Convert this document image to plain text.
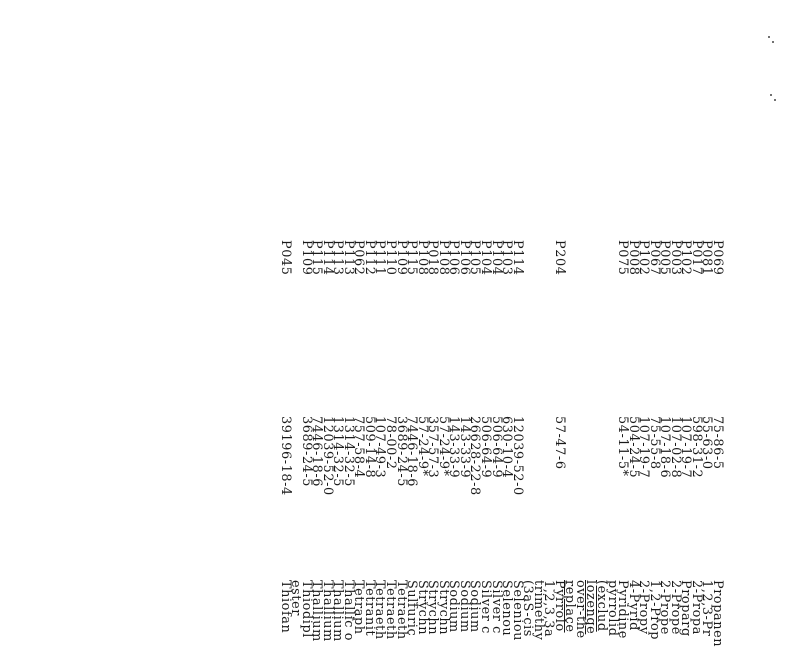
P069
P081
P017
P102
P003
P005
P067
P102
P008
P075
P204
P114
P103
P104
P104
P105
P106
P106
P108
P018
P108
P115
P109
P110
P111
P112
P062
P113
P113
P114
P115
P109
P045
75-86-5
55-63-0
598-31-2
107-19-7
107-02-8
107-18-6
75-55-8
107-19-7
504-24-5
54-11-5*
57-47-6
12039-52-0
630-10-4
506-64-9
506-64-9
26628-22-8
143-33-9
143-33-9
57-24-9*
357-57-3
57-24-9*
7446-18-6
3689-24-5
78-00-2
107-49-3
509-14-8
757-58-4
1314-32-5
1314-32-5
12039-52-0
7446-18-6
3689-24-5
39196-18-4
Propanen
1,2,3-Pr
2-Propa
Proparg
2-Prope
2-Prope
1,2-Prop
2-Propy
4-Pyrid
Pyridine
pyrrolid
(exclud
lozenge
over-the
replace
Pyrrolo
1,2,3,3a
trimethy
(3aS-cis
Seleniou
Selenou
Silver c
Silver c
Sodium
Sodium
Sodium
Strychn
Strychn
Strychn
Sulfuric
Tetraeth
Tetraeth
Tetraeth
Tetranit
Tetraph
Thallic o
Thallium
Thallium
Thallium
Thiodipl
ester
Thiofan
